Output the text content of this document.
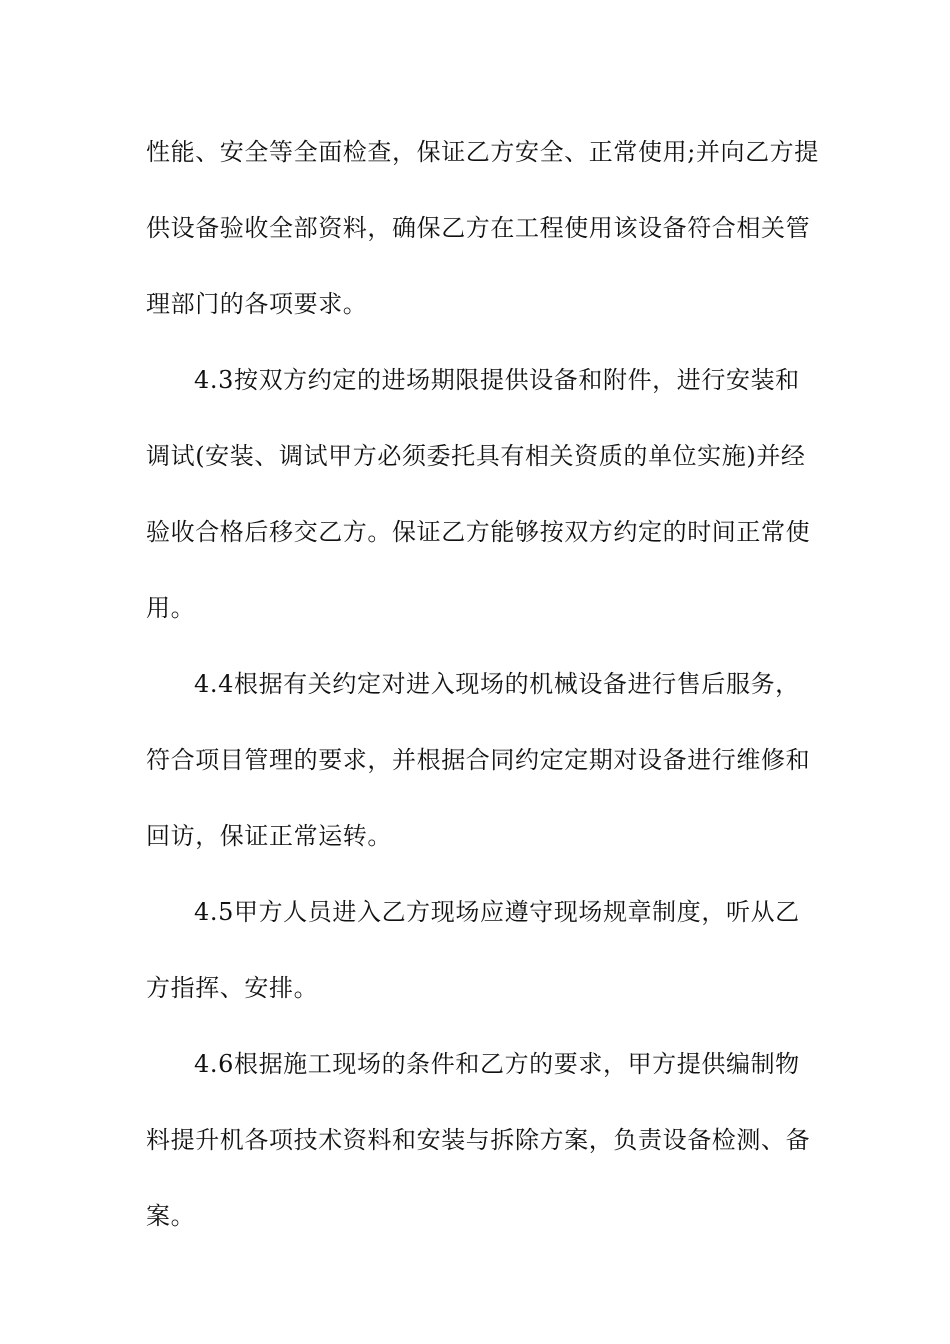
性能、安全等全面检查，保证乙方安全、正常使用;并向乙方提
供设备验收全部资料，确保乙方在工程使用该设备符合相关管
理部门的各项要求。
4.3按双方约定的进场期限提供设备和附件，进行安装和
调试(安装、调试甲方必须委托具有相关资质的单位实施)并经
验收合格后移交乙方。保证乙方能够按双方约定的时间正常使
用。
4.4根据有关约定对进入现场的机械设备进行售后服务，
符合项目管理的要求，并根据合同约定定期对设备进行维修和
回访，保证正常运转。
4.5甲方人员进入乙方现场应遵守现场规章制度，听从乙
方指挥、安排。
4.6根据施工现场的条件和乙方的要求，甲方提供编制物
料提升机各项技术资料和安装与拆除方案，负责设备检测、备
案。
